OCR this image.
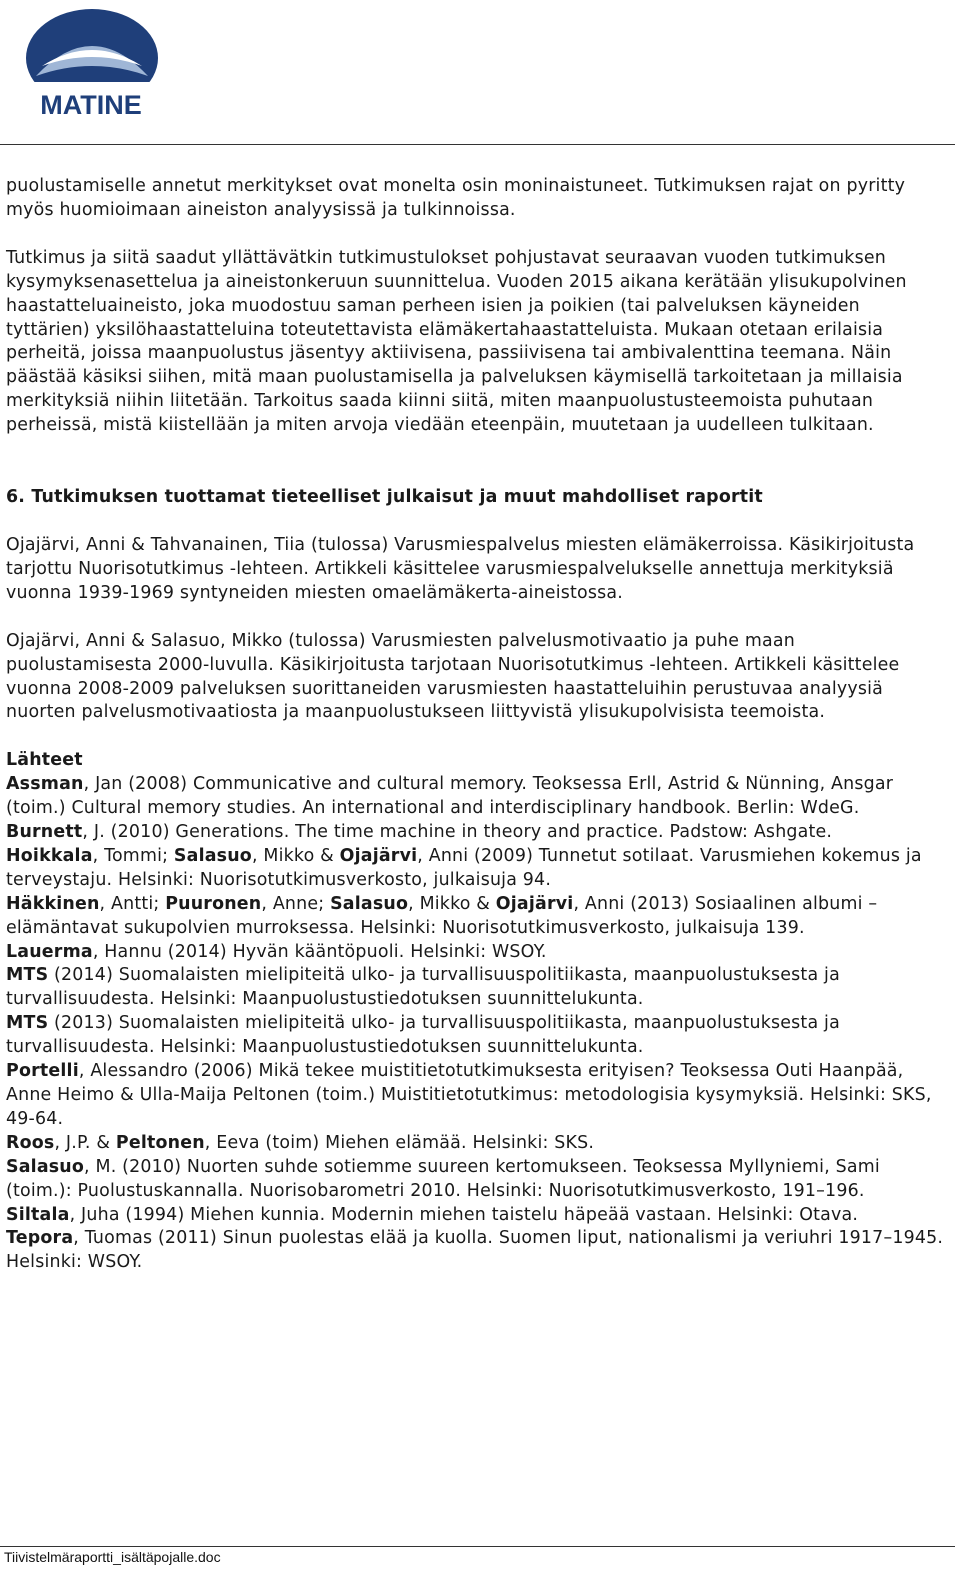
MATINE

puolustamiselle annetut merkitykset ovat monelta osin moninaistuneet. Tutkimuksen rajat on pyritty myös huomioimaan aineiston analyysissä ja tulkinnoissa.

Tutkimus ja siitä saadut yllättävätkin tutkimustulokset pohjustavat seuraavan vuoden tutkimuksen kysymyksenasettelua ja aineistonkeruun suunnittelua. Vuoden 2015 aikana kerätään ylisukupolvinen haastatteluaineisto, joka muodostuu saman perheen isien ja poikien (tai palveluksen käyneiden tyttärien) yksilöhaastatteluina toteutettavista elämäkertahaastatteluista. Mukaan otetaan erilaisia perheitä, joissa maanpuolustus jäsentyy aktiivisena, passiivisena tai ambivalenttina teemana. Näin päästää käsiksi siihen, mitä maan puolustamisella ja palveluksen käymisellä tarkoitetaan ja millaisia merkityksiä niihin liitetään. Tarkoitus saada kiinni siitä, miten maanpuolustusteemoista puhutaan perheissä, mistä kiistellään ja miten arvoja viedään eteenpäin, muutetaan ja uudelleen tulkitaan.

6. Tutkimuksen tuottamat tieteelliset julkaisut ja muut mahdolliset raportit

Ojajärvi, Anni & Tahvanainen, Tiia (tulossa) Varusmiespalvelus miesten elämäkerroissa. Käsikirjoitusta tarjottu Nuorisotutkimus -lehteen. Artikkeli käsittelee varusmiespalvelukselle annettuja merkityksiä vuonna 1939-1969 syntyneiden miesten omaelämäkerta-aineistossa.

Ojajärvi, Anni & Salasuo, Mikko (tulossa) Varusmiesten palvelusmotivaatio ja puhe maan puolustamisesta 2000-luvulla. Käsikirjoitusta tarjotaan Nuorisotutkimus -lehteen. Artikkeli käsittelee vuonna 2008-2009 palveluksen suorittaneiden varusmiesten haastatteluihin perustuvaa analyysiä nuorten palvelusmotivaatiosta ja maanpuolustukseen liittyvistä ylisukupolvisista teemoista.

Lähteet

Assman, Jan (2008) Communicative and cultural memory. Teoksessa Erll, Astrid & Nünning, Ansgar (toim.) Cultural memory studies. An international and interdisciplinary handbook. Berlin: WdeG.

Burnett, J. (2010) Generations. The time machine in theory and practice. Padstow: Ashgate.

Hoikkala, Tommi; Salasuo, Mikko & Ojajärvi, Anni (2009) Tunnetut sotilaat. Varusmiehen kokemus ja terveystaju. Helsinki: Nuorisotutkimusverkosto, julkaisuja 94.

Häkkinen, Antti; Puuronen, Anne; Salasuo, Mikko & Ojajärvi, Anni (2013) Sosiaalinen albumi – elämäntavat sukupolvien murroksessa. Helsinki: Nuorisotutkimusverkosto, julkaisuja 139.

Lauerma, Hannu (2014) Hyvän kääntöpuoli. Helsinki: WSOY.

MTS (2014) Suomalaisten mielipiteitä ulko- ja turvallisuuspolitiikasta, maanpuolustuksesta ja turvallisuudesta. Helsinki: Maanpuolustustiedotuksen suunnittelukunta.

MTS (2013) Suomalaisten mielipiteitä ulko- ja turvallisuuspolitiikasta, maanpuolustuksesta ja turvallisuudesta. Helsinki: Maanpuolustustiedotuksen suunnittelukunta.

Portelli, Alessandro (2006) Mikä tekee muistitietotutkimuksesta erityisen? Teoksessa Outi Haanpää, Anne Heimo & Ulla-Maija Peltonen (toim.) Muistitietotutkimus: metodologisia kysymyksiä. Helsinki: SKS, 49-64.

Roos, J.P. & Peltonen, Eeva (toim) Miehen elämää. Helsinki: SKS.

Salasuo, M. (2010) Nuorten suhde sotiemme suureen kertomukseen. Teoksessa Myllyniemi, Sami (toim.): Puolustuskannalla. Nuorisobarometri 2010. Helsinki: Nuorisotutkimusverkosto, 191–196.

Siltala, Juha (1994) Miehen kunnia. Modernin miehen taistelu häpeää vastaan. Helsinki: Otava.

Tepora, Tuomas (2011) Sinun puolestas elää ja kuolla. Suomen liput, nationalismi ja veriuhri 1917–1945. Helsinki: WSOY.

Tiivistelmäraportti_isältäpojalle.doc
